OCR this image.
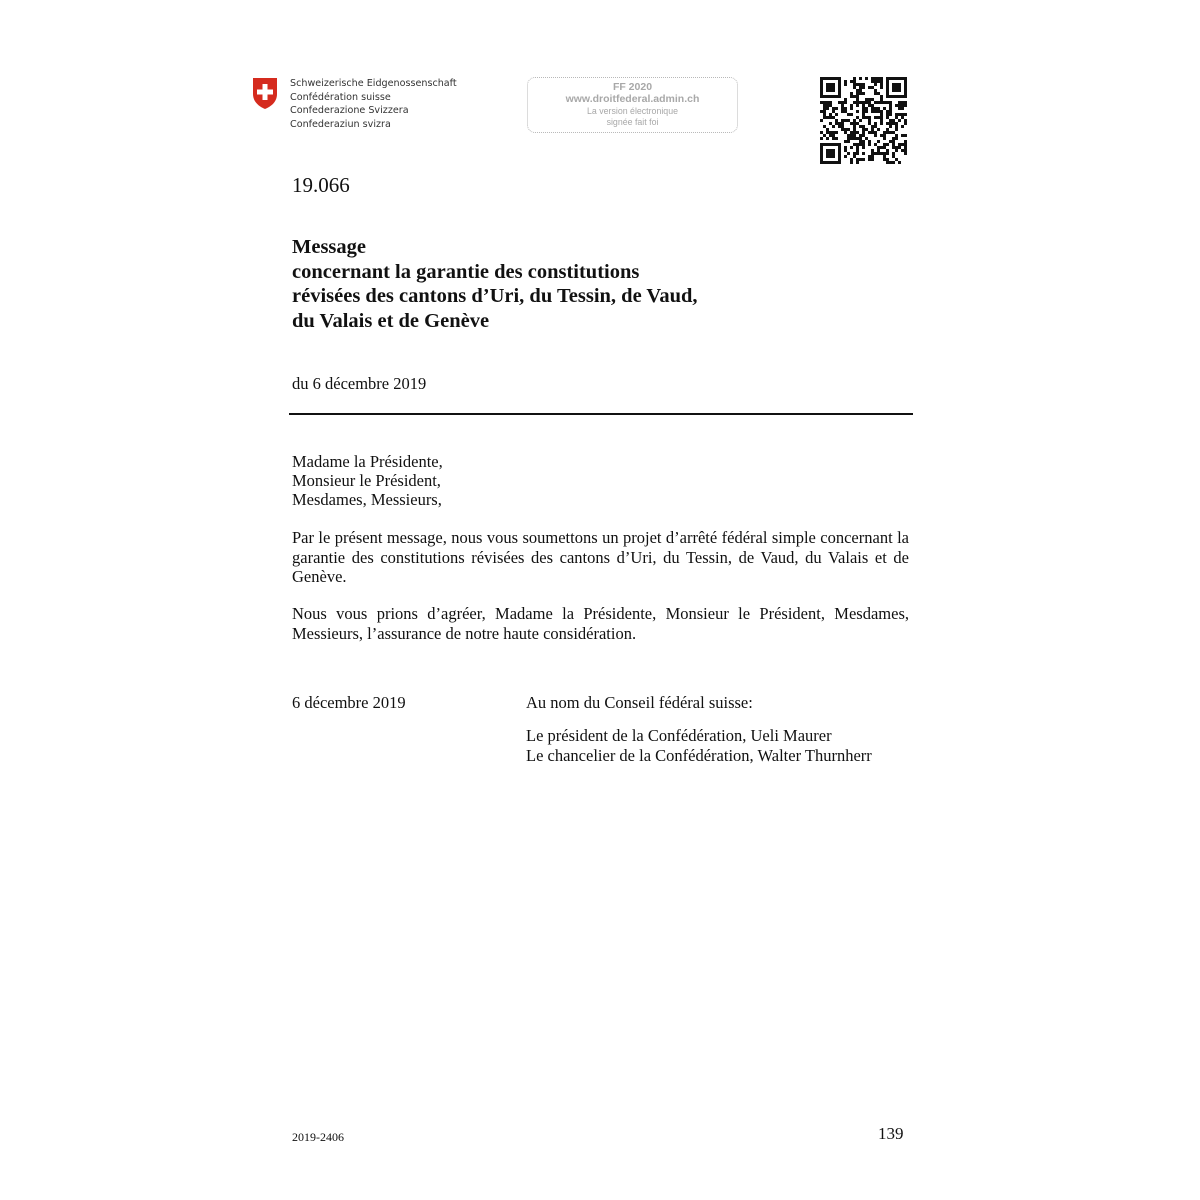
Schweizerische Eidgenossenschaft
Confédération suisse
Confederazione Svizzera
Confederaziun svizra
FF 2020
www.droitfederal.admin.ch
La version électronique
signée fait foi
19.066
Message
concernant la garantie des constitutions
révisées des cantons d’Uri, du Tessin, de Vaud,
du Valais et de Genève
du 6 décembre 2019
Madame la Présidente,
Monsieur le Président,
Mesdames, Messieurs,
Par le présent message, nous vous soumettons un projet d’arrêté fédéral simple concernant la garantie des constitutions révisées des cantons d’Uri, du Tessin, de Vaud, du Valais et de Genève.
Nous vous prions d’agréer, Madame la Présidente, Monsieur le Président, Mesdames, Messieurs, l’assurance de notre haute considération.
6 décembre 2019	Au nom du Conseil fédéral suisse:
Le président de la Confédération, Ueli Maurer
Le chancelier de la Confédération, Walter Thurnherr
2019-2406	139
